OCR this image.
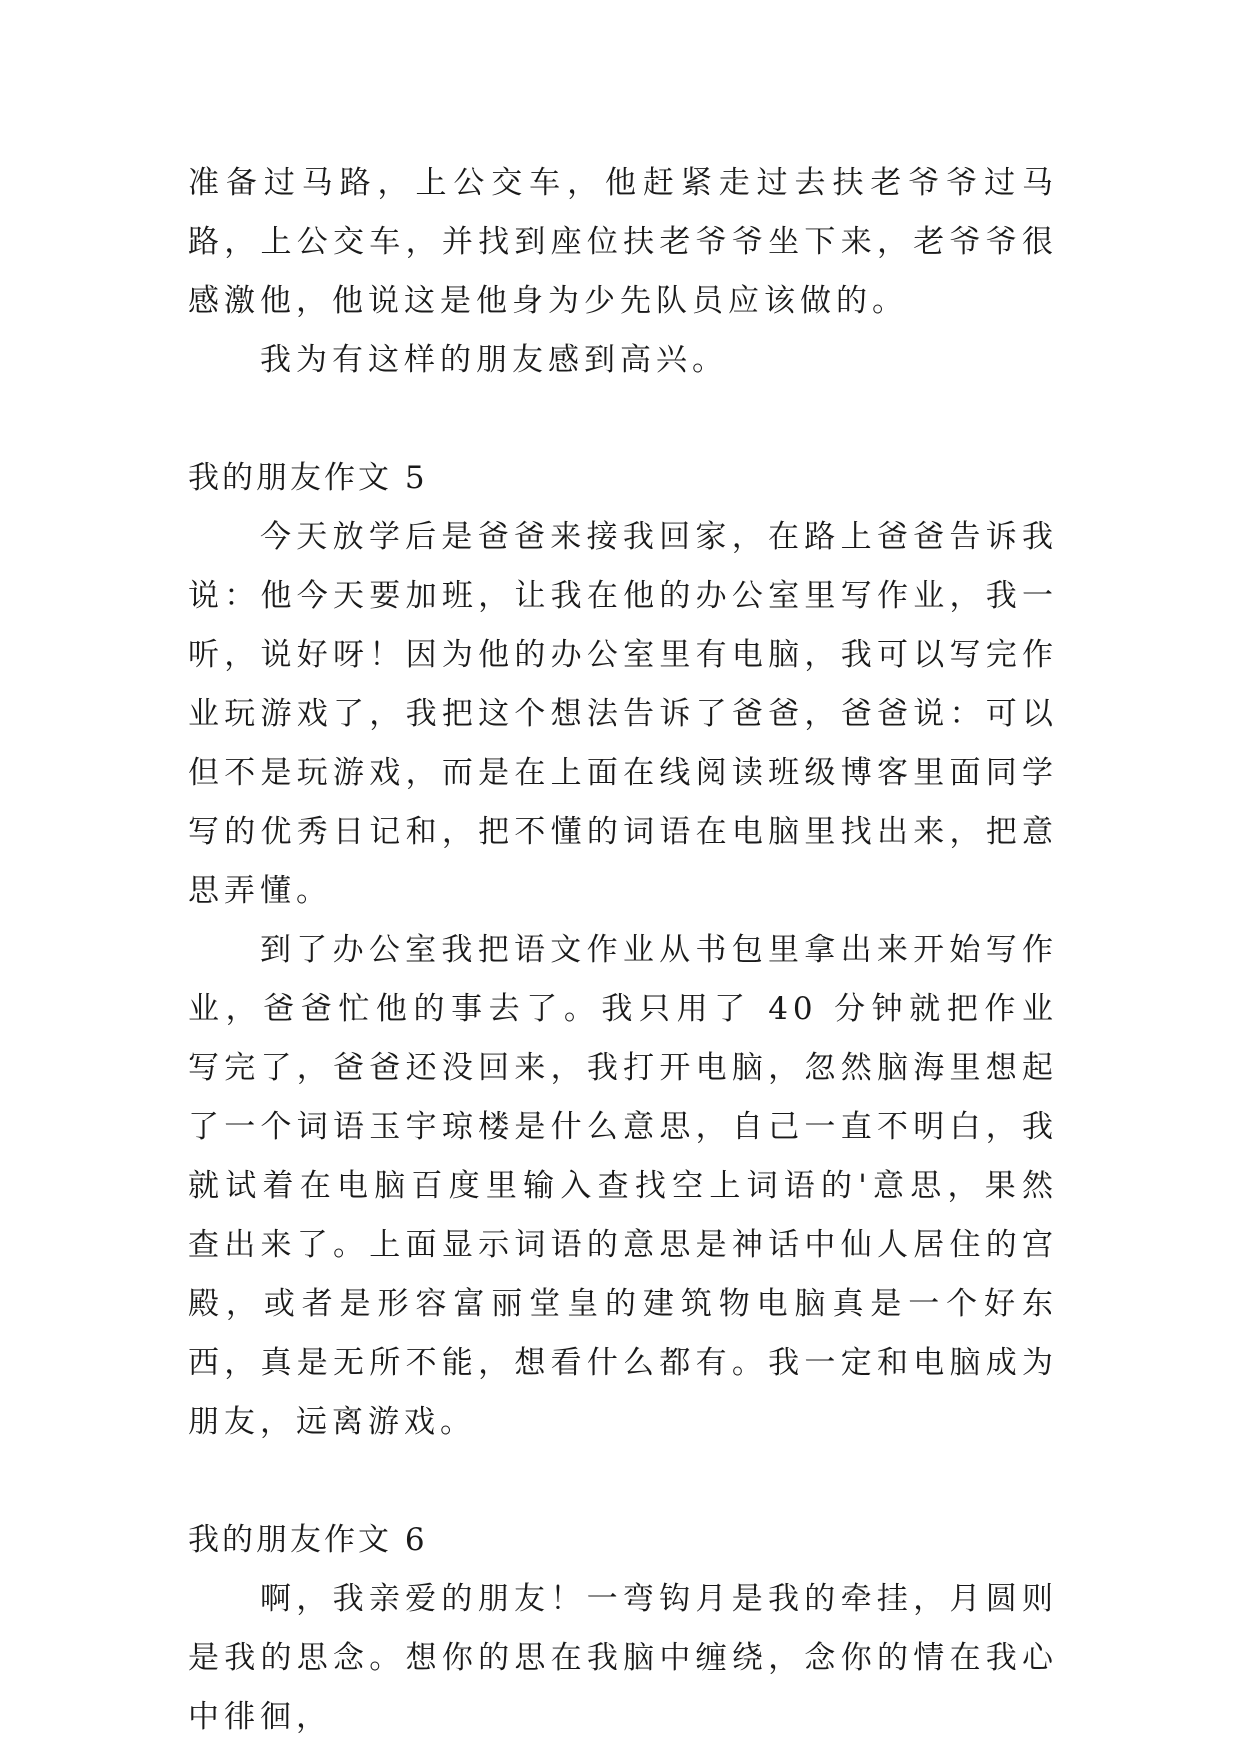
准备过马路，上公交车，他赶紧走过去扶老爷爷过马路，上公交车，并找到座位扶老爷爷坐下来，老爷爷很感激他，他说这是他身为少先队员应该做的。

我为有这样的朋友感到高兴。

我的朋友作文 5

今天放学后是爸爸来接我回家，在路上爸爸告诉我说：他今天要加班，让我在他的办公室里写作业，我一听，说好呀！因为他的办公室里有电脑，我可以写完作业玩游戏了，我把这个想法告诉了爸爸，爸爸说：可以但不是玩游戏，而是在上面在线阅读班级博客里面同学写的优秀日记和，把不懂的词语在电脑里找出来，把意思弄懂。

到了办公室我把语文作业从书包里拿出来开始写作业，爸爸忙他的事去了。我只用了 40 分钟就把作业写完了，爸爸还没回来，我打开电脑，忽然脑海里想起了一个词语玉宇琼楼是什么意思，自己一直不明白，我就试着在电脑百度里输入查找空上词语的'意思，果然查出来了。上面显示词语的意思是神话中仙人居住的宫殿，或者是形容富丽堂皇的建筑物电脑真是一个好东西，真是无所不能，想看什么都有。我一定和电脑成为朋友，远离游戏。

我的朋友作文 6

啊，我亲爱的朋友！一弯钩月是我的牵挂，月圆则是我的思念。想你的思在我脑中缠绕，念你的情在我心中徘徊，
